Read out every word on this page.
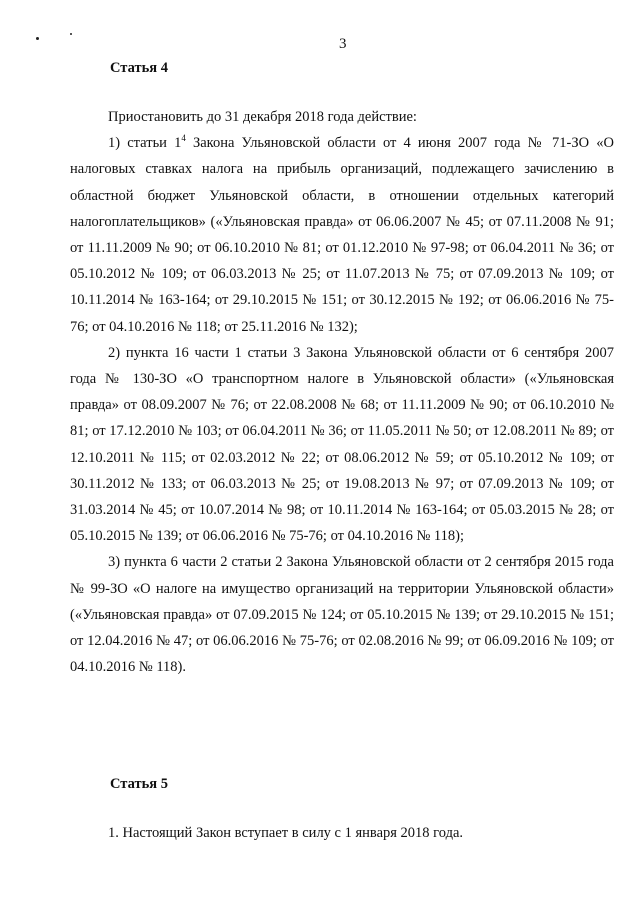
3
Статья 4

Приостановить до 31 декабря 2018 года действие:

1) статьи $1^4$ Закона Ульяновской области от 4 июня 2007 года № 71-ЗО «О налоговых ставках налога на прибыль организаций, подлежащего зачислению в областной бюджет Ульяновской области, в отношении отдельных категорий налогоплательщиков» («Ульяновская правда» от 06.06.2007 № 45; от 07.11.2008 № 91; от 11.11.2009 № 90; от 06.10.2010 № 81; от 01.12.2010 № 97-98; от 06.04.2011 № 36; от 05.10.2012 № 109; от 06.03.2013 № 25; от 11.07.2013 № 75; от 07.09.2013 № 109; от 10.11.2014 № 163-164; от 29.10.2015 № 151; от 30.12.2015 № 192; от 06.06.2016 № 75-76; от 04.10.2016 № 118; от 25.11.2016 № 132);

2) пункта 16 части 1 статьи 3 Закона Ульяновской области от 6 сентября 2007 года № 130-ЗО «О транспортном налоге в Ульяновской области» («Ульяновская правда» от 08.09.2007 № 76; от 22.08.2008 № 68; от 11.11.2009 № 90; от 06.10.2010 № 81; от 17.12.2010 № 103; от 06.04.2011 № 36; от 11.05.2011 № 50; от 12.08.2011 № 89; от 12.10.2011 № 115; от 02.03.2012 № 22; от 08.06.2012 № 59; от 05.10.2012 № 109; от 30.11.2012 № 133; от 06.03.2013 № 25; от 19.08.2013 № 97; от 07.09.2013 № 109; от 31.03.2014 № 45; от 10.07.2014 № 98; от 10.11.2014 № 163-164; от 05.03.2015 № 28; от 05.10.2015 № 139; от 06.06.2016 № 75-76; от 04.10.2016 № 118);

3) пункта 6 части 2 статьи 2 Закона Ульяновской области от 2 сентября 2015 года № 99-ЗО «О налоге на имущество организаций на территории Ульяновской области» («Ульяновская правда» от 07.09.2015 № 124; от 05.10.2015 № 139; от 29.10.2015 № 151; от 12.04.2016 № 47; от 06.06.2016 № 75-76; от 02.08.2016 № 99; от 06.09.2016 № 109; от 04.10.2016 № 118).

Статья 5
1. Настоящий Закон вступает в силу с 1 января 2018 года.
